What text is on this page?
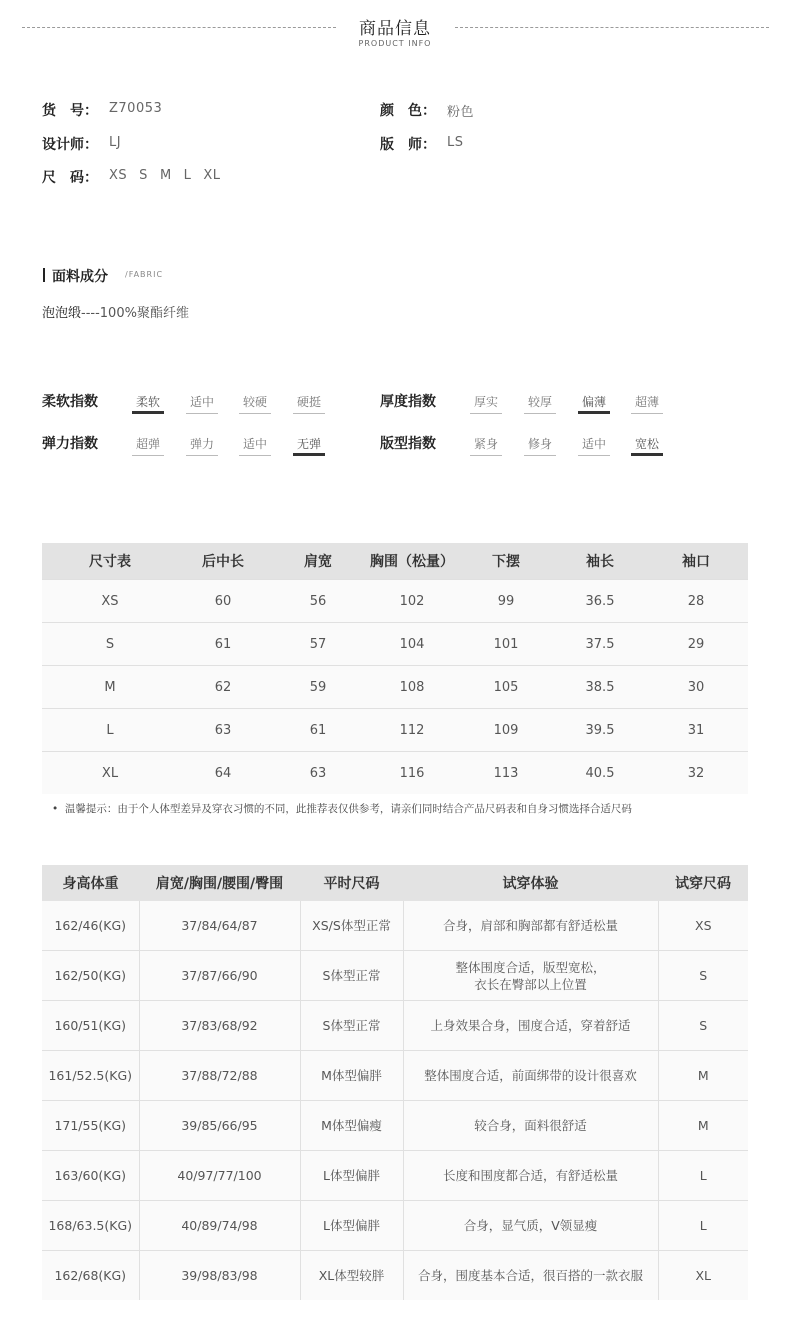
商品信息
PRODUCT INFO
货　号： Z70053	颜　色： 粉色
设计师： LJ	版　师： LS
尺　码： XS S M L XL
面料成分 /FABRIC
泡泡缎----100%聚酯纤维
柔软指数	柔软	适中	较硬	硬挺	厚度指数	厚实	较厚	偏薄	超薄
弹力指数	超弹	弹力	适中	无弹	版型指数	紧身	修身	适中	宽松
尺寸表	后中长	肩宽	胸围（松量）	下摆	袖长	袖口
XS	60	56	102	99	36.5	28
S	61	57	104	101	37.5	29
M	62	59	108	105	38.5	30
L	63	61	112	109	39.5	31
XL	64	63	116	113	40.5	32
•  温馨提示：由于个人体型差异及穿衣习惯的不同，此推荐表仅供参考，请亲们同时结合产品尺码表和自身习惯选择合适尺码
身高体重	肩宽/胸围/腰围/臀围	平时尺码	试穿体验	试穿尺码
162/46(KG)	37/84/64/87	XS/S体型正常	合身，肩部和胸部都有舒适松量	XS
162/50(KG)	37/87/66/90	S体型正常	整体围度合适，版型宽松，
衣长在臀部以上位置	S
160/51(KG)	37/83/68/92	S体型正常	上身效果合身，围度合适，穿着舒适	S
161/52.5(KG)	37/88/72/88	M体型偏胖	整体围度合适，前面绑带的设计很喜欢	M
171/55(KG)	39/85/66/95	M体型偏瘦	较合身，面料很舒适	M
163/60(KG)	40/97/77/100	L体型偏胖	长度和围度都合适，有舒适松量	L
168/63.5(KG)	40/89/74/98	L体型偏胖	合身，显气质，V领显瘦	L
162/68(KG)	39/98/83/98	XL体型较胖	合身，围度基本合适，很百搭的一款衣服	XL
